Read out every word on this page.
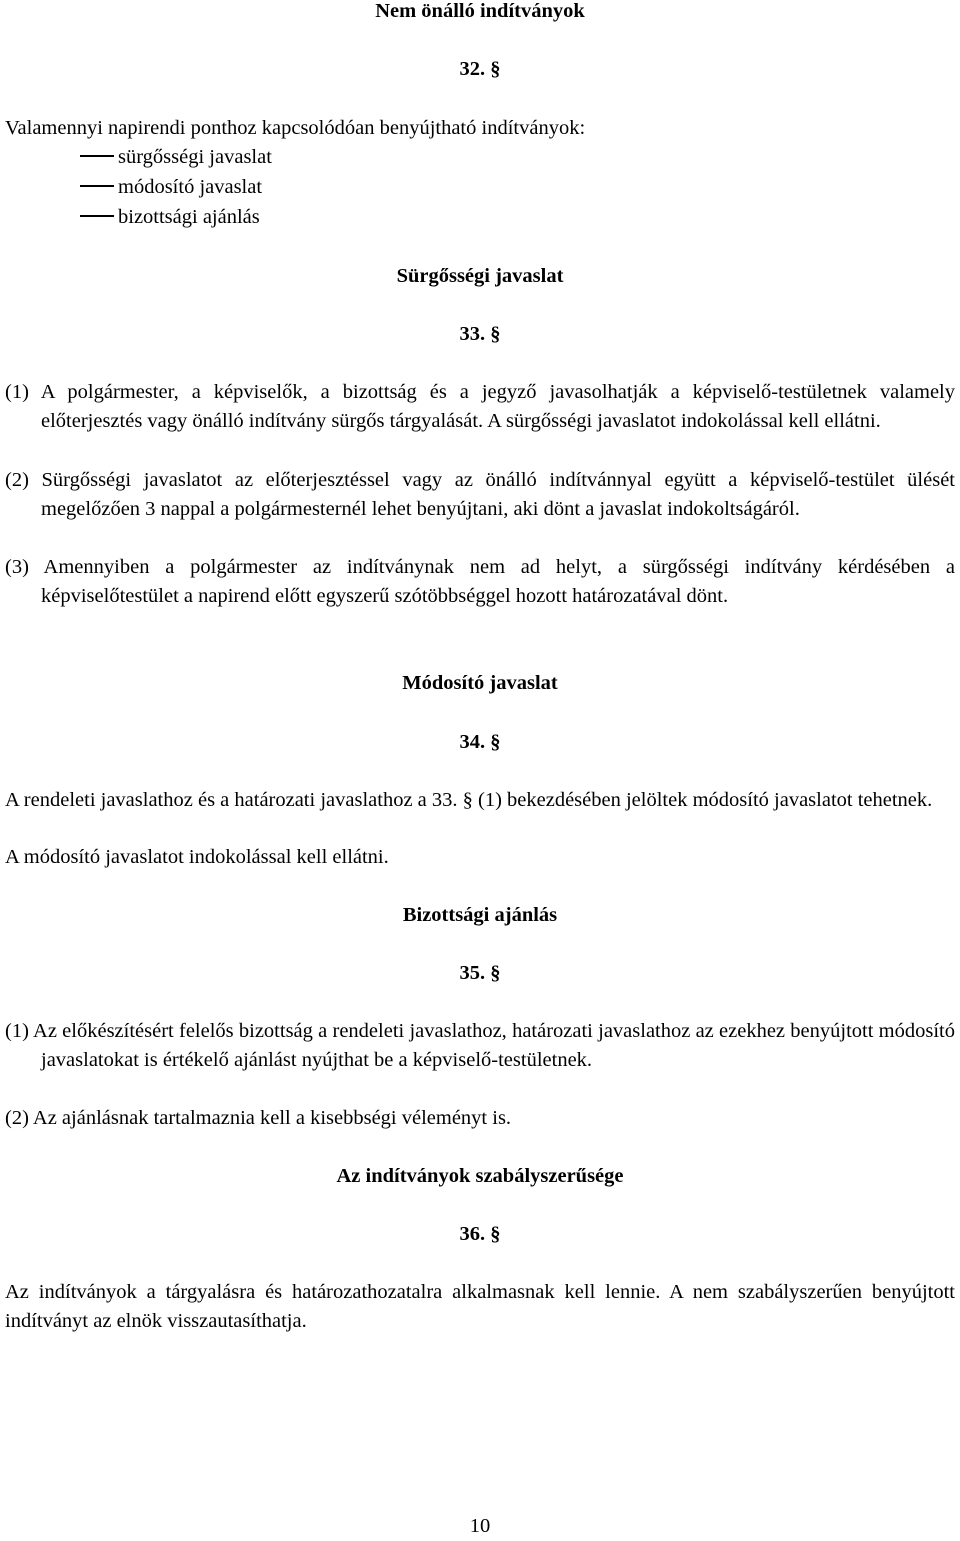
Nem önálló indítványok
32. §

Valamennyi napirendi ponthoz kapcsolódóan benyújtható indítványok:

sürgősségi javaslat
módosító javaslat
bizottsági ajánlás
Sürgősségi javaslat
33. §

(1) A polgármester, a képviselők, a bizottság és a jegyző javasolhatják a képviselő-testületnek valamely előterjesztés vagy önálló indítvány sürgős tárgyalását. A sürgősségi javaslatot indokolással kell ellátni.

(2) Sürgősségi javaslatot az előterjesztéssel vagy az önálló indítvánnyal együtt a képviselő-testület ülését megelőzően 3 nappal a polgármesternél lehet benyújtani, aki dönt a javaslat indokoltságáról.

(3) Amennyiben a polgármester az indítványnak nem ad helyt, a sürgősségi indítvány kérdésében a képviselőtestület a napirend előtt egyszerű szótöbbséggel hozott határozatával dönt.

Módosító javaslat
34. §

A rendeleti javaslathoz és a határozati javaslathoz a 33. § (1) bekezdésében jelöltek módosító javaslatot tehetnek.

A módosító javaslatot indokolással kell ellátni.

Bizottsági ajánlás
35. §

(1) Az előkészítésért felelős bizottság a rendeleti javaslathoz, határozati javaslathoz az ezekhez benyújtott módosító javaslatokat is értékelő ajánlást nyújthat be a képviselő-testületnek.

(2) Az ajánlásnak tartalmaznia kell a kisebbségi véleményt is.

Az indítványok szabályszerűsége
36. §

Az indítványok a tárgyalásra és határozathozatalra alkalmasnak kell lennie. A nem szabályszerűen benyújtott indítványt az elnök visszautasíthatja.

10
